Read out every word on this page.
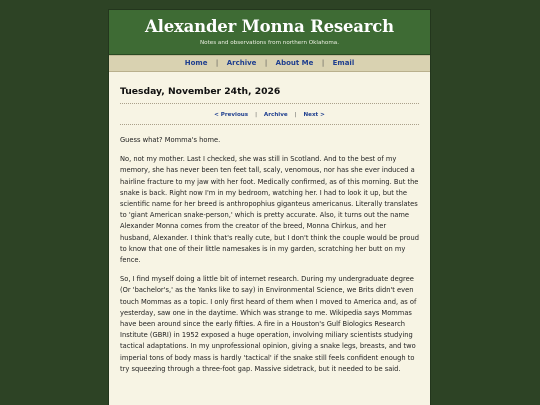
Alexander Monna Research
Notes and observations from northern Oklahoma.
Home | Archive | About Me | Email
Tuesday, November 24th, 2026
< Previous | Archive | Next >

Guess what? Momma's home.

No, not my mother. Last I checked, she was still in Scotland. And to the best of my memory, she has never been ten feet tall, scaly, venomous, nor has she ever induced a hairline fracture to my jaw with her foot. Medically confirmed, as of this morning. But the snake is back. Right now I'm in my bedroom, watching her. I had to look it up, but the scientific name for her breed is anthropophius giganteus americanus. Literally translates to 'giant American snake-person,' which is pretty accurate. Also, it turns out the name Alexander Monna comes from the creator of the breed, Monna Chirkus, and her husband, Alexander. I think that's really cute, but I don't think the couple would be proud to know that one of their little namesakes is in my garden, scratching her butt on my fence.

So, I find myself doing a little bit of internet research. During my undergraduate degree (Or 'bachelor's,' as the Yanks like to say) in Environmental Science, we Brits didn't even touch Mommas as a topic. I only first heard of them when I moved to America and, as of yesterday, saw one in the daytime. Which was strange to me. Wikipedia says Mommas have been around since the early fifties. A fire in a Houston's Gulf Biologics Research Institute (GBRI) in 1952 exposed a huge operation, involving miliary scientists studying tactical adaptations. In my unprofessional opinion, giving a snake legs, breasts, and two imperial tons of body mass is hardly 'tactical' if the snake still feels confident enough to try squeezing through a three-foot gap. Massive sidetrack, but it needed to be said.
